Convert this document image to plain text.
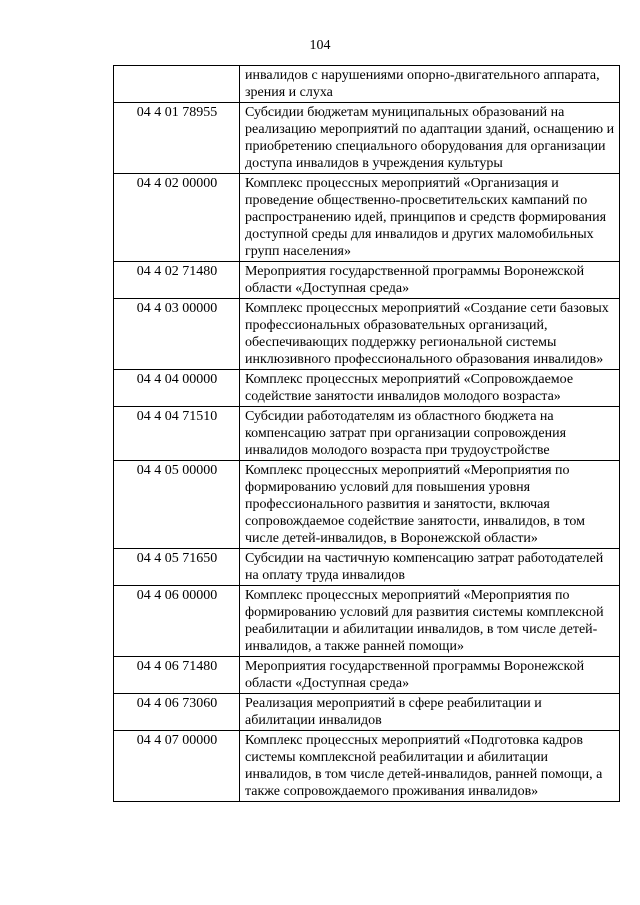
104
	инвалидов с нарушениями опорно-двигательного аппарата, зрения и слуха
04 4 01 78955	Субсидии бюджетам муниципальных образований на реализацию мероприятий по адаптации зданий, оснащению и приобретению специального оборудования для организации доступа инвалидов в учреждения культуры
04 4 02 00000	Комплекс процессных мероприятий «Организация и проведение общественно-просветительских кампаний по распространению идей, принципов и средств формирования доступной среды для инвалидов и других маломобильных групп населения»
04 4 02 71480	Мероприятия государственной программы Воронежской области «Доступная среда»
04 4 03 00000	Комплекс процессных мероприятий «Создание сети базовых профессиональных образовательных организаций, обеспечивающих поддержку региональной системы инклюзивного профессионального образования инвалидов»
04 4 04 00000	Комплекс процессных мероприятий «Сопровождаемое содействие занятости инвалидов молодого возраста»
04 4 04 71510	Субсидии работодателям из областного бюджета на компенсацию затрат при организации сопровождения инвалидов молодого возраста при трудоустройстве
04 4 05 00000	Комплекс процессных мероприятий «Мероприятия по формированию условий для повышения уровня профессионального развития и занятости, включая сопровождаемое содействие занятости, инвалидов, в том числе детей-инвалидов, в Воронежской области»
04 4 05 71650	Субсидии на частичную компенсацию затрат работодателей на оплату труда инвалидов
04 4 06 00000	Комплекс процессных мероприятий «Мероприятия по формированию условий для развития системы комплексной реабилитации и абилитации инвалидов, в том числе детей-инвалидов, а также ранней помощи»
04 4 06 71480	Мероприятия государственной программы Воронежской области «Доступная среда»
04 4 06 73060	Реализация мероприятий в сфере реабилитации и абилитации инвалидов
04 4 07 00000	Комплекс процессных мероприятий «Подготовка кадров системы комплексной реабилитации и абилитации инвалидов, в том числе детей-инвалидов, ранней помощи, а также сопровождаемого проживания инвалидов»
